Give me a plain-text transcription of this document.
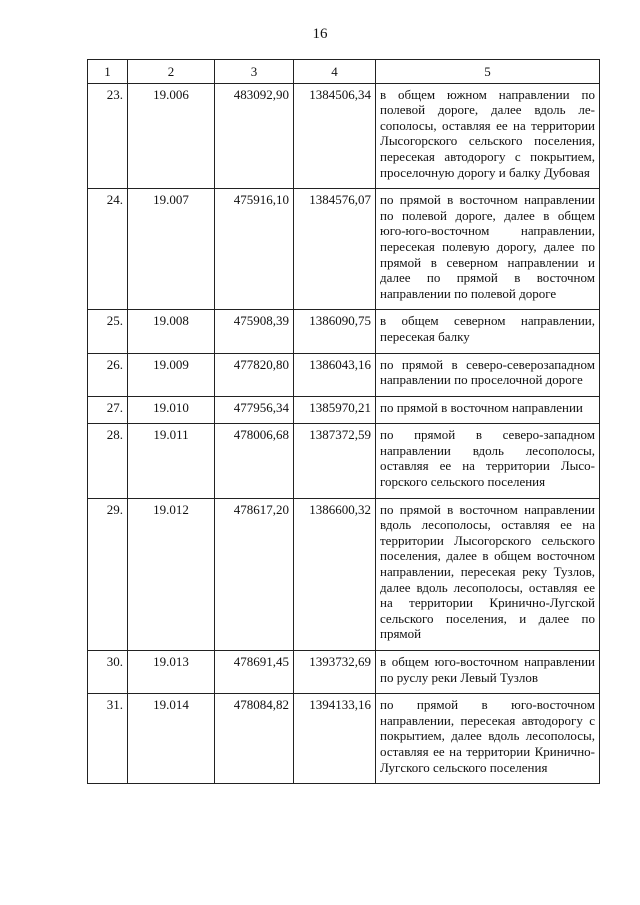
16
1	2	3	4	5
23.	19.006	483092,90	1384506,34	в общем южном направлении по полевой дороге, далее вдоль лесополосы, оставляя ее на территории Лысогорского сельского поселения, пересекая автодорогу с покрытием, проселочную дорогу и балку Дубовая
24.	19.007	475916,10	1384576,07	по прямой в восточном направлении по полевой дороге, далее в общем юго-юго-восточном направлении, пересекая полевую дорогу, далее по прямой в северном направлении и далее по прямой в восточном направлении по полевой дороге
25.	19.008	475908,39	1386090,75	в общем северном направлении, пересекая балку
26.	19.009	477820,80	1386043,16	по прямой в северо-северозападном направлении по проселочной дороге
27.	19.010	477956,34	1385970,21	по прямой в восточном направлении
28.	19.011	478006,68	1387372,59	по прямой в северо-западном направлении вдоль лесополосы, оставляя ее на территории Лысогорского сельского поселения
29.	19.012	478617,20	1386600,32	по прямой в восточном направлении вдоль лесополосы, оставляя ее на территории Лысогорского сельского поселения, далее в общем восточном направлении, пересекая реку Тузлов, далее вдоль лесополосы, оставляя ее на территории Кринично-Лугской сельского поселения, и далее по прямой
30.	19.013	478691,45	1393732,69	в общем юго-восточном направлении по руслу реки Левый Тузлов
31.	19.014	478084,82	1394133,16	по прямой в юго-восточном направлении, пересекая автодорогу с покрытием, далее вдоль лесополосы, оставляя ее на территории Кринично-Лугского сельского поселения
